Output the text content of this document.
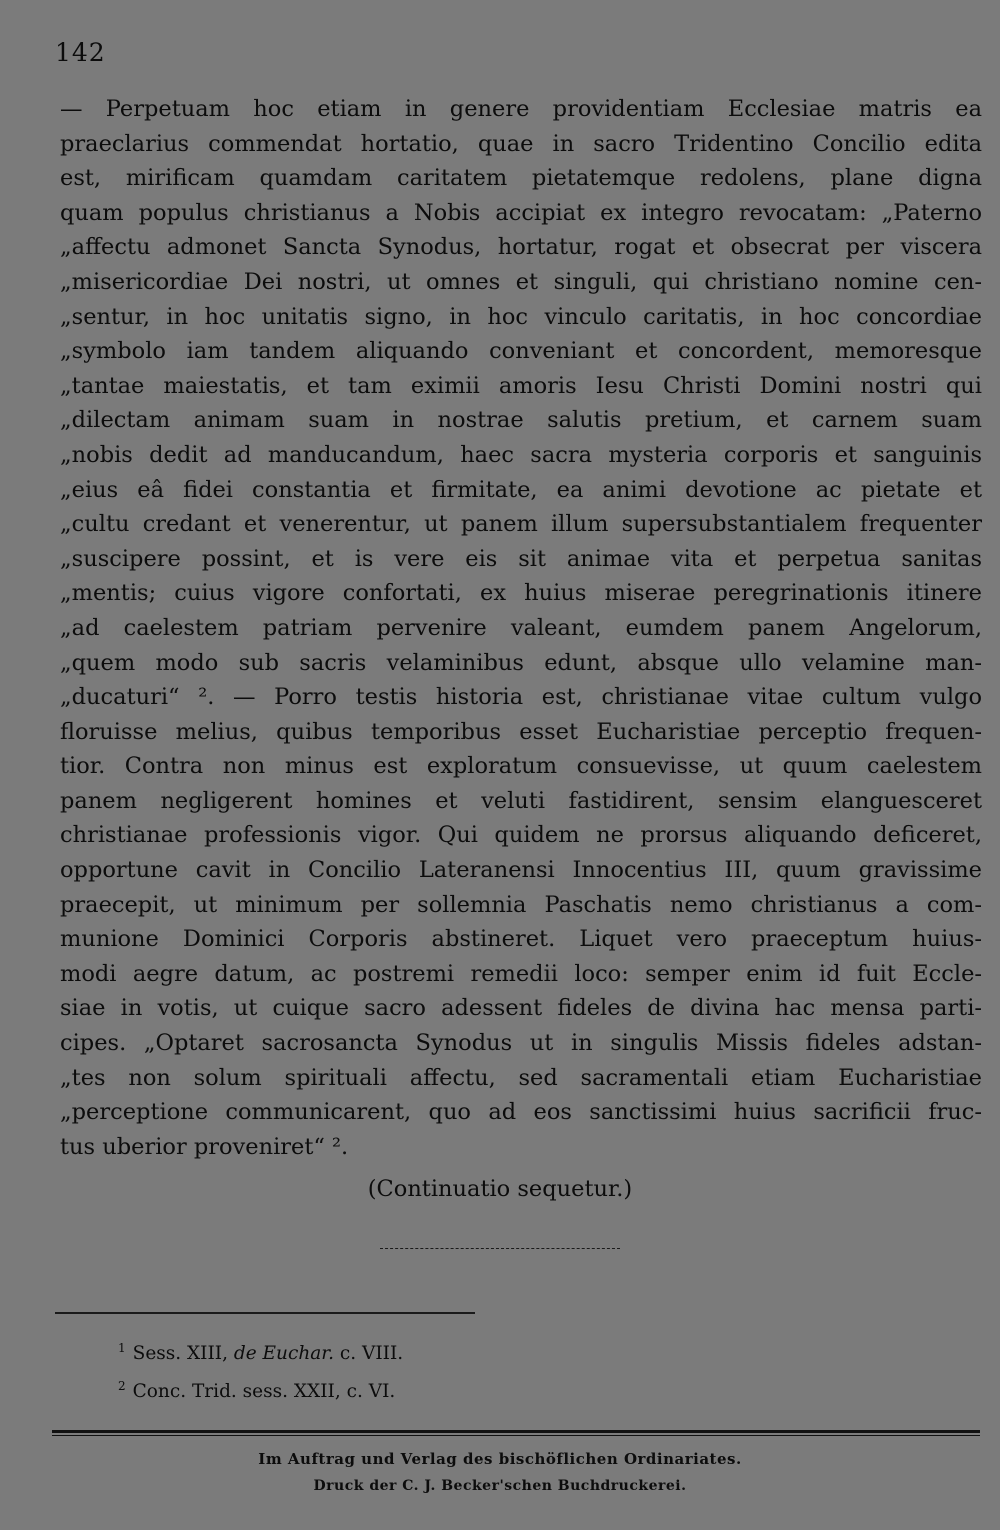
142
— Perpetuam hoc etiam in genere providentiam Ecclesiae matris ea
praeclarius commendat hortatio, quae in sacro Tridentino Concilio edita
est, mirificam quamdam caritatem pietatemque redolens, plane digna
quam populus christianus a Nobis accipiat ex integro revocatam: „Paterno
„affectu admonet Sancta Synodus, hortatur, rogat et obsecrat per viscera
„misericordiae Dei nostri, ut omnes et singuli, qui christiano nomine cen-
„sentur, in hoc unitatis signo, in hoc vinculo caritatis, in hoc concordiae
„symbolo iam tandem aliquando conveniant et concordent, memoresque
„tantae maiestatis, et tam eximii amoris Iesu Christi Domini nostri qui
„dilectam animam suam in nostrae salutis pretium, et carnem suam
„nobis dedit ad manducandum, haec sacra mysteria corporis et sanguinis
„eius eâ fidei constantia et firmitate, ea animi devotione ac pietate et
„cultu credant et venerentur, ut panem illum supersubstantialem frequenter
„suscipere possint, et is vere eis sit animae vita et perpetua sanitas
„mentis; cuius vigore confortati, ex huius miserae peregrinationis itinere
„ad caelestem patriam pervenire valeant, eumdem panem Angelorum,
„quem modo sub sacris velaminibus edunt, absque ullo velamine man-
„ducaturi“ ². — Porro testis historia est, christianae vitae cultum vulgo
floruisse melius, quibus temporibus esset Eucharistiae perceptio frequen-
tior. Contra non minus est exploratum consuevisse, ut quum caelestem
panem negligerent homines et veluti fastidirent, sensim elanguesceret
christianae professionis vigor. Qui quidem ne prorsus aliquando deficeret,
opportune cavit in Concilio Lateranensi Innocentius III, quum gravissime
praecepit, ut minimum per sollemnia Paschatis nemo christianus a com-
munione Dominici Corporis abstineret. Liquet vero praeceptum huius-
modi aegre datum, ac postremi remedii loco: semper enim id fuit Eccle-
siae in votis, ut cuique sacro adessent fideles de divina hac mensa parti-
cipes. „Optaret sacrosancta Synodus ut in singulis Missis fideles adstan-
„tes non solum spirituali affectu, sed sacramentali etiam Eucharistiae
„perceptione communicarent, quo ad eos sanctissimi huius sacrificii fruc-
tus uberior proveniret“ ².
(Continuatio sequetur.)
$^1$ Sess. XIII, de Euchar. c. VIII.
$^2$ Conc. Trid. sess. XXII, c. VI.
Im Auftrag und Verlag des bischöflichen Ordinariates.
Druck der C. J. Becker'schen Buchdruckerei.
